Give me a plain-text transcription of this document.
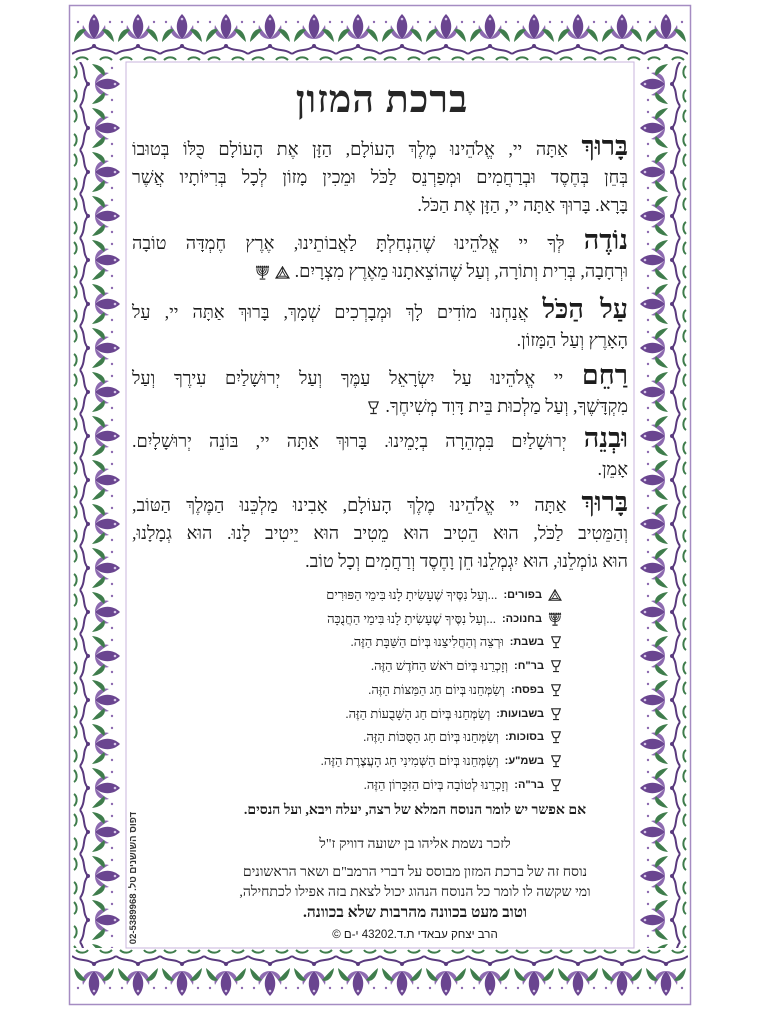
ברכת המזון
בָּרוּךְ אַתָּה יי, אֱלֹהֵינוּ מֶלֶךְ הָעוֹלָם, הַזָּן אֶת הָעוֹלָם כֻּלּוֹ בְּטוּבוֹ
בְּחֵן בְּחֶסֶד וּבְרַחֲמִים וּמְפַרְנֵס לַכֹּל וּמֵכִין מָזוֹן לְכָל בְּרִיּוֹתָיו אֲשֶׁר
בָּרָא. בָּרוּךְ אַתָּה יי, הַזָּן אֶת הַכֹּל.
נוֹדֶה לְּךָ יי אֱלֹהֵינוּ שֶׁהִנְחַלְתָּ לַאֲבוֹתֵינוּ, אֶרֶץ חֶמְדָּה טוֹבָה
וּרְחָבָה, בְּרִית וְתוֹרָה, וְעַל שֶׁהוֹצֵאתָנוּ מֵאֶרֶץ מִצְרָיִם.
עַל הַכֹּל אֲנַחְנוּ מוֹדִים לָךְ וּמְבָרְכִים שְׁמָךְ, בָּרוּךְ אַתָּה יי, עַל
הָאָרֶץ וְעַל הַמָּזוֹן.
רַחֵם יי אֱלֹהֵינוּ עַל יִשְׂרָאֵל עַמֶּךָ וְעַל יְרוּשָׁלַיִם עִירֶךָ וְעַל
מִקְדָּשֶׁךָ, וְעַל מַלְכוּת בֵּית דָּוִד מְשִׁיחֶךָ.
וּבְנֵה יְרוּשָׁלַיִם בִּמְהֵרָה בְיָמֵינוּ. בָּרוּךְ אַתָּה יי, בּוֹנֵה יְרוּשָׁלָיִם.
אָמֵן.
בָּרוּךְ אַתָּה יי אֱלֹהֵינוּ מֶלֶךְ הָעוֹלָם, אָבִינוּ מַלְכֵּנוּ הַמֶּלֶךְ הַטּוֹב,
וְהַמֵּטִיב לַכֹּל, הוּא הֵטִיב הוּא מֵטִיב הוּא יֵיטִיב לָנוּ. הוּא גְמָלָנוּ,
הוּא גוֹמְלֵנוּ, הוּא יִגְמְלֵנוּ חֵן וָחֶסֶד וְרַחֲמִים וְכָל טוֹב.
בפורים:
...וְעַל נִסֶּיךָ שֶׁעָשִׂיתָ לָנוּ בִּימֵי הַפּוּרִים
בחנוכה:
...וְעַל נִסֶּיךָ שֶׁעָשִׂיתָ לָנוּ בִּימֵי הַחֲנֻכָּה
בשבת:
וּרְצֵה וְהַחֲלִיצֵנוּ בְּיוֹם הַשַּׁבָּת הַזֶּה.
בר"ח:
וְזָכְרֵנוּ בְּיוֹם רֹאשׁ הַחֹדֶשׁ הַזֶּה.
בפסח:
וְשַׂמְּחֵנוּ בְּיוֹם חַג הַמַּצּוֹת הַזֶּה.
בשבועות:
וְשַׂמְּחֵנוּ בְּיוֹם חַג הַשָּׁבֻעוֹת הַזֶּה.
בסוכות:
וְשַׂמְּחֵנוּ בְּיוֹם חַג הַסֻּכּוֹת הַזֶּה.
בשמ"ע:
וְשַׂמְּחֵנוּ בְּיוֹם הַשְּׁמִינִי חַג הָעֲצֶרֶת הַזֶּה.
בר"ה:
וְזָכְרֵנוּ לְטוֹבָה בְּיוֹם הַזִּכָּרוֹן הַזֶּה.
אם אפשר יש לומר הנוסח המלא של רצה, יעלה ויבא, ועל הנסים.
לזכר נשמת אליהו בן ישועה דוויק ז"ל
נוסח זה של ברכת המזון מבוסס על דברי הרמב"ם ושאר הראשונים
ומי שקשה לו לומר כל הנוסח הנהוג יכול לצאת בזה אפילו לכתחילה,
וטוב מעט בכוונה מהרבות שלא בכוונה.
הרב יצחק עבאדי ת.ד.43202 י-ם ©
דפוס השושנים טל. 02-5389968
